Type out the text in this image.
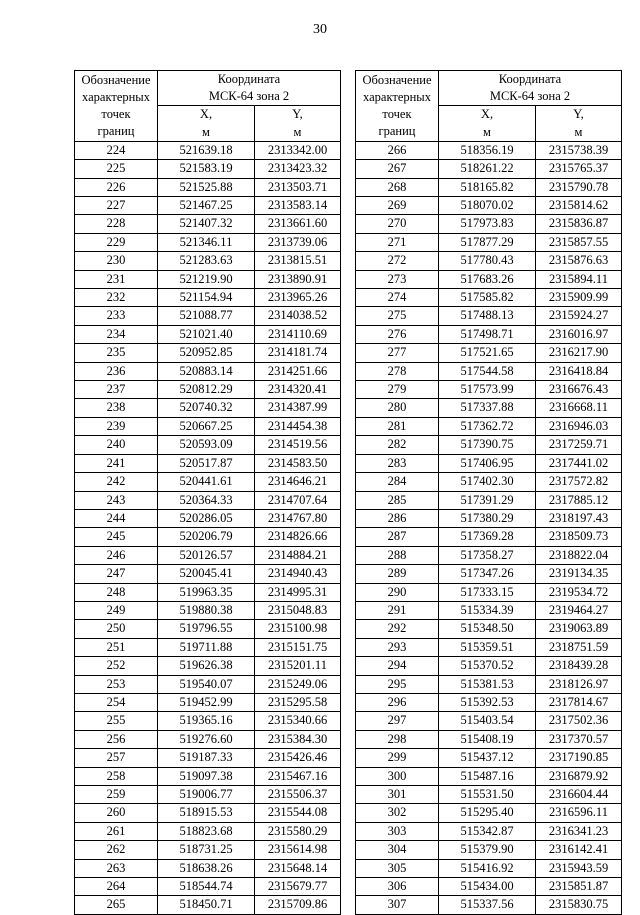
30
Обозначение
характерных
точек
границ	Координата
МСК-64 зона 2	

	X,	Y,
	м	м
224	521639.18	2313342.00
225	521583.19	2313423.32
226	521525.88	2313503.71
227	521467.25	2313583.14
228	521407.32	2313661.60
229	521346.11	2313739.06
230	521283.63	2313815.51
231	521219.90	2313890.91
232	521154.94	2313965.26
233	521088.77	2314038.52
234	521021.40	2314110.69
235	520952.85	2314181.74
236	520883.14	2314251.66
237	520812.29	2314320.41
238	520740.32	2314387.99
239	520667.25	2314454.38
240	520593.09	2314519.56
241	520517.87	2314583.50
242	520441.61	2314646.21
243	520364.33	2314707.64
244	520286.05	2314767.80
245	520206.79	2314826.66
246	520126.57	2314884.21
247	520045.41	2314940.43
248	519963.35	2314995.31
249	519880.38	2315048.83
250	519796.55	2315100.98
251	519711.88	2315151.75
252	519626.38	2315201.11
253	519540.07	2315249.06
254	519452.99	2315295.58
255	519365.16	2315340.66
256	519276.60	2315384.30
257	519187.33	2315426.46
258	519097.38	2315467.16
259	519006.77	2315506.37
260	518915.53	2315544.08
261	518823.68	2315580.29
262	518731.25	2315614.98
263	518638.26	2315648.14
264	518544.74	2315679.77
265	518450.71	2315709.86
Обозначение
характерных
точек
границ	Координата
МСК-64 зона 2	

	X,	Y,
	м	м
266	518356.19	2315738.39
267	518261.22	2315765.37
268	518165.82	2315790.78
269	518070.02	2315814.62
270	517973.83	2315836.87
271	517877.29	2315857.55
272	517780.43	2315876.63
273	517683.26	2315894.11
274	517585.82	2315909.99
275	517488.13	2315924.27
276	517498.71	2316016.97
277	517521.65	2316217.90
278	517544.58	2316418.84
279	517573.99	2316676.43
280	517337.88	2316668.11
281	517362.72	2316946.03
282	517390.75	2317259.71
283	517406.95	2317441.02
284	517402.30	2317572.82
285	517391.29	2317885.12
286	517380.29	2318197.43
287	517369.28	2318509.73
288	517358.27	2318822.04
289	517347.26	2319134.35
290	517333.15	2319534.72
291	515334.39	2319464.27
292	515348.50	2319063.89
293	515359.51	2318751.59
294	515370.52	2318439.28
295	515381.53	2318126.97
296	515392.53	2317814.67
297	515403.54	2317502.36
298	515408.19	2317370.57
299	515437.12	2317190.85
300	515487.16	2316879.92
301	515531.50	2316604.44
302	515295.40	2316596.11
303	515342.87	2316341.23
304	515379.90	2316142.41
305	515416.92	2315943.59
306	515434.00	2315851.87
307	515337.56	2315830.75
